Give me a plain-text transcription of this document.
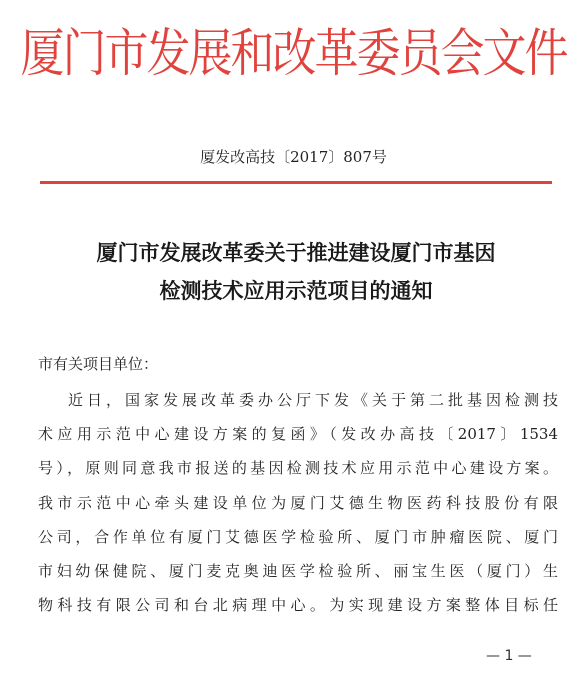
厦门市发展和改革委员会文件
厦发改高技〔2017〕807号
厦门市发展改革委关于推进建设厦门市基因
检测技术应用示范项目的通知
市有关项目单位：
近日，国家发展改革委办公厅下发《关于第二批基因检测技
术应用示范中心建设方案的复函》（发改办高技〔2017〕1534
号），原则同意我市报送的基因检测技术应用示范中心建设方案。
我市示范中心牵头建设单位为厦门艾德生物医药科技股份有限
公司，合作单位有厦门艾德医学检验所、厦门市肿瘤医院、厦门
市妇幼保健院、厦门麦克奥迪医学检验所、丽宝生医（厦门）生
物科技有限公司和台北病理中心。为实现建设方案整体目标任
— 1 —
